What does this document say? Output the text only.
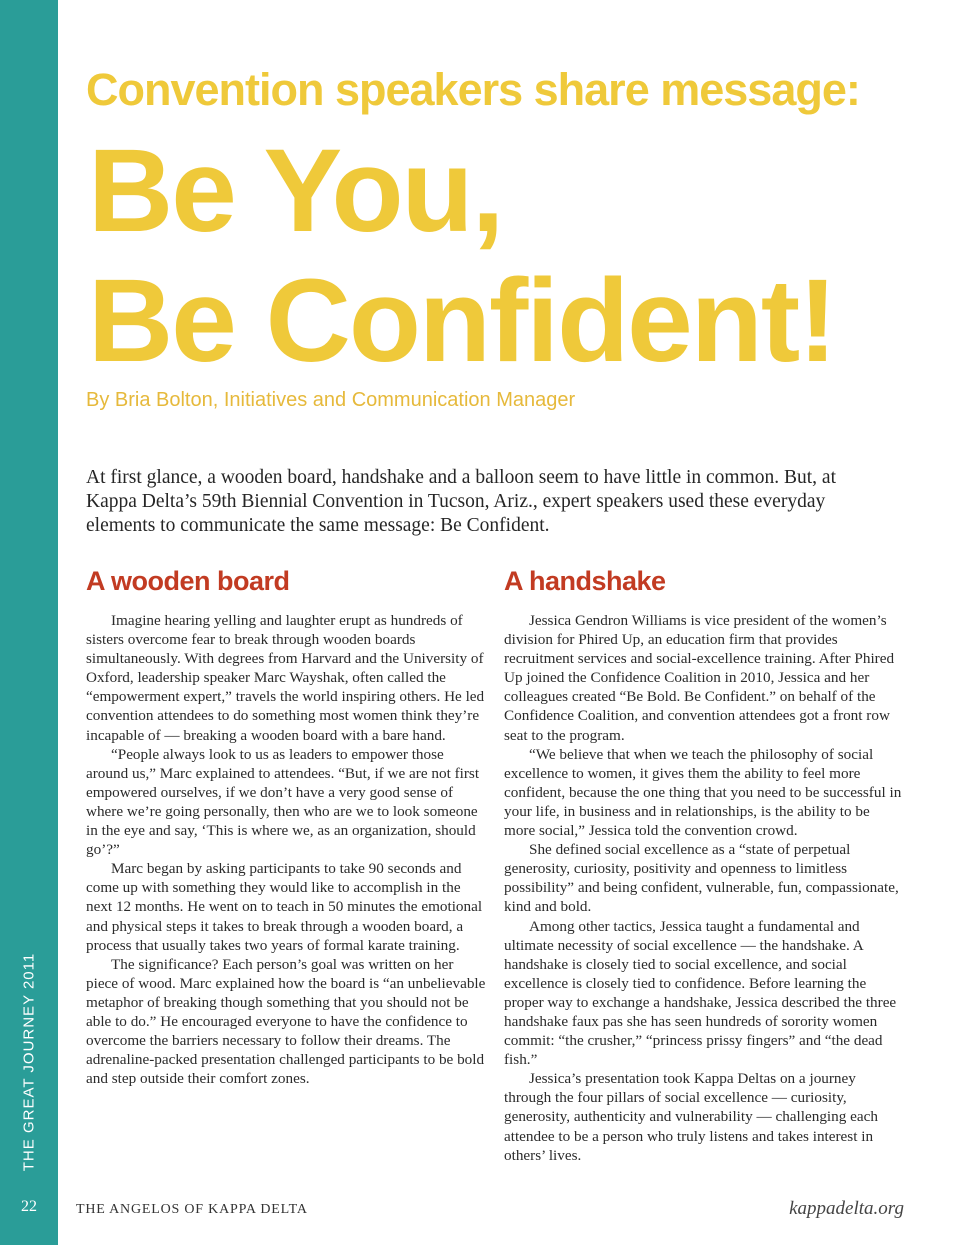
THE GREAT JOURNEY 2011
22
Convention speakers share message:
Be You,
Be Confident!
By Bria Bolton, Initiatives and Communication Manager

At first glance, a wooden board, handshake and a balloon seem to have little in common. But, at Kappa Delta’s 59th Biennial Convention in Tucson, Ariz., expert speakers used these everyday elements to communicate the same message: Be Confident.

A wooden board

Imagine hearing yelling and laughter erupt as hundreds of sisters overcome fear to break through wooden boards simultaneously. With degrees from Harvard and the University of Oxford, leadership speaker Marc Wayshak, often called the “empowerment expert,” travels the world inspiring others. He led convention attendees to do something most women think they’re incapable of — breaking a wooden board with a bare hand.

“People always look to us as leaders to empower those around us,” Marc explained to attendees. “But, if we are not first empowered ourselves, if we don’t have a very good sense of where we’re going personally, then who are we to look someone in the eye and say, ‘This is where we, as an organization, should go’?”

Marc began by asking participants to take 90 seconds and come up with something they would like to accomplish in the next 12 months. He went on to teach in 50 minutes the emotional and physical steps it takes to break through a wooden board, a process that usually takes two years of formal karate training.

The significance? Each person’s goal was written on her piece of wood. Marc explained how the board is “an unbelievable metaphor of breaking though something that you should not be able to do.” He encouraged everyone to have the confidence to overcome the barriers necessary to follow their dreams. The adrenaline-packed presentation challenged participants to be bold and step outside their comfort zones.

A handshake

Jessica Gendron Williams is vice president of the women’s division for Phired Up, an education firm that provides recruitment services and social-excellence training. After Phired Up joined the Confidence Coalition in 2010, Jessica and her colleagues created “Be Bold. Be Confident.” on behalf of the Confidence Coalition, and convention attendees got a front row seat to the program.

“We believe that when we teach the philosophy of social excellence to women, it gives them the ability to feel more confident, because the one thing that you need to be successful in your life, in business and in relationships, is the ability to be more social,” Jessica told the convention crowd.

She defined social excellence as a “state of perpetual generosity, curiosity, positivity and openness to limitless possibility” and being confident, vulnerable, fun, compassionate, kind and bold.

Among other tactics, Jessica taught a fundamental and ultimate necessity of social excellence — the handshake. A handshake is closely tied to social excellence, and social excellence is closely tied to confidence. Before learning the proper way to exchange a handshake, Jessica described the three handshake faux pas she has seen hundreds of sorority women commit: “the crusher,” “princess prissy fingers” and “the dead fish.”

Jessica’s presentation took Kappa Deltas on a journey through the four pillars of social excellence — curiosity, generosity, authenticity and vulnerability — challenging each attendee to be a person who truly listens and takes interest in others’ lives.

THE ANGELOS OF KAPPA DELTA	kappadelta.org
